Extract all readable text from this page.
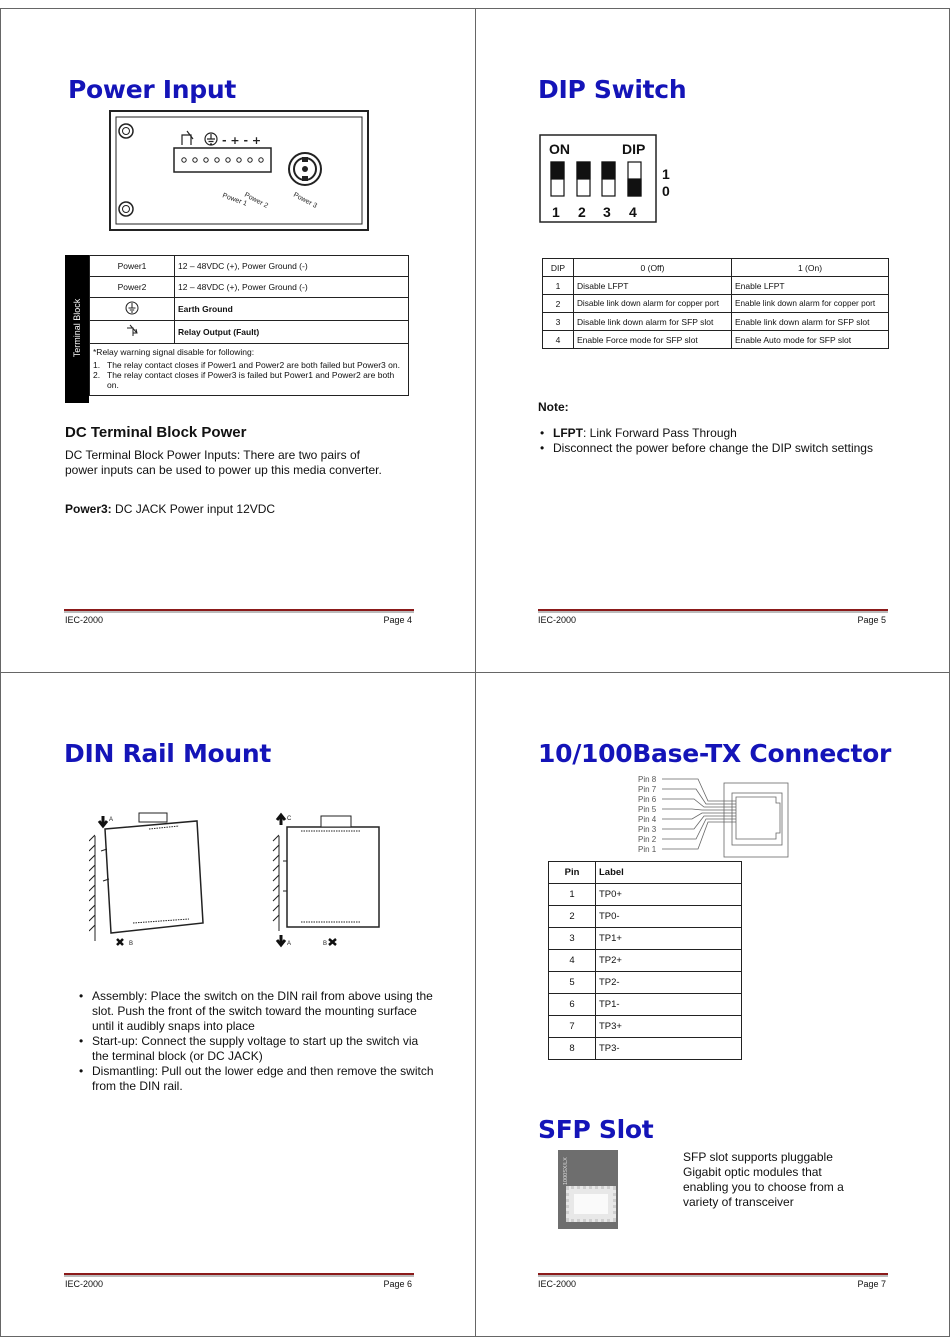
Power Input
- + - +
Power 1
Power 2	Power 3
Terminal Block
Power1	12 – 48VDC (+), Power Ground (-)
Power2	12 – 48VDC (+), Power Ground (-)
	Earth Ground
	Relay Output (Fault)

*Relay warning signal disable for following:
1. The relay contact closes if Power1 and Power2 are both failed but Power3 on.
2. The relay contact closes if Power3 is failed but Power1 and Power2 are both on.	
DC Terminal Block Power
DC Terminal Block Power Inputs: There are two pairs of power inputs can be used to power up this media converter.
Power3: DC JACK Power input 12VDC
IEC-2000	Page 4
DIP Switch
ON	DIP
1 2 3 4
1
0
DIP	0 (Off)	1 (On)
1	Disable LFPT	Enable LFPT
2	Disable link down alarm for copper port	Enable link down alarm for copper port
3	Disable link down alarm for SFP slot	Enable link down alarm for SFP slot
4	Enable Force mode for SFP slot	Enable Auto mode for SFP slot
Note:
• LFPT: Link Forward Pass Through
• Disconnect the power before change the DIP switch settings
IEC-2000	Page 5
DIN Rail Mount
A
B
C
A	B
• Assembly: Place the switch on the DIN rail from above using the slot. Push the front of the switch toward the mounting surface until it audibly snaps into place
• Start-up: Connect the supply voltage to start up the switch via the terminal block (or DC JACK)
• Dismantling: Pull out the lower edge and then remove the switch from the DIN rail.
IEC-2000	Page 6
10/100Base-TX Connector
Pin 8
Pin 7
Pin 6
Pin 5
Pin 4
Pin 3
Pin 2
Pin 1
Pin	Label
1	TP0+
2	TP0-
3	TP1+
4	TP2+
5	TP2-
6	TP1-
7	TP3+
8	TP3-
SFP Slot
1000SX/LX
SFP slot supports pluggable Gigabit optic modules that enabling you to choose from a variety of transceiver
IEC-2000	Page 7
